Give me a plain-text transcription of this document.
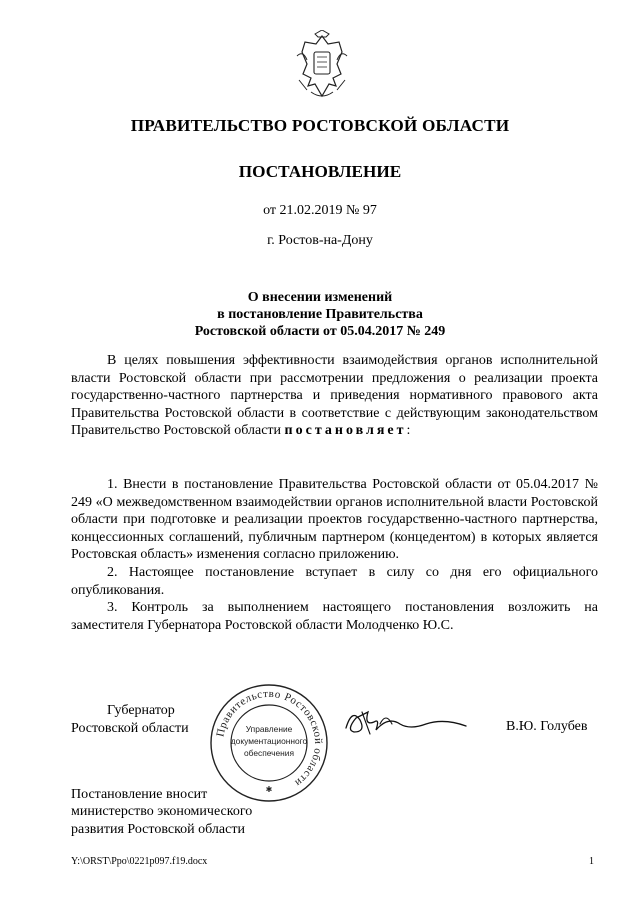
ПРАВИТЕЛЬСТВО РОСТОВСКОЙ ОБЛАСТИ
ПОСТАНОВЛЕНИЕ
от 21.02.2019 № 97
г. Ростов-на-Дону
О внесении изменений
в постановление Правительства
Ростовской области от 05.04.2017 № 249

В целях повышения эффективности взаимодействия органов исполнительной власти Ростовской области при рассмотрении предложения о реализации проекта государственно-частного партнерства и приведения нормативного правового акта Правительства Ростовской области в соответствие с действующим законодательством Правительство Ростовской области постановляет:

1. Внести в постановление Правительства Ростовской области от 05.04.2017 № 249 «О межведомственном взаимодействии органов исполнительной власти Ростовской области при подготовке и реализации проектов государственно-частного партнерства, концессионных соглашений, публичным партнером (концедентом) в которых является Ростовская область» изменения согласно приложению.

2. Настоящее постановление вступает в силу со дня его официального опубликования.

3. Контроль за выполнением настоящего постановления возложить на заместителя Губернатора Ростовской области Молодченко Ю.С.

Губернатор
Ростовской области Правительство Ростовской области
Управление
документационного
обеспечения
✱
В.Ю. Голубев
Постановление вносит
министерство экономического
развития Ростовской области
Y:\ORST\Ppo\0221p097.f19.docx	1
